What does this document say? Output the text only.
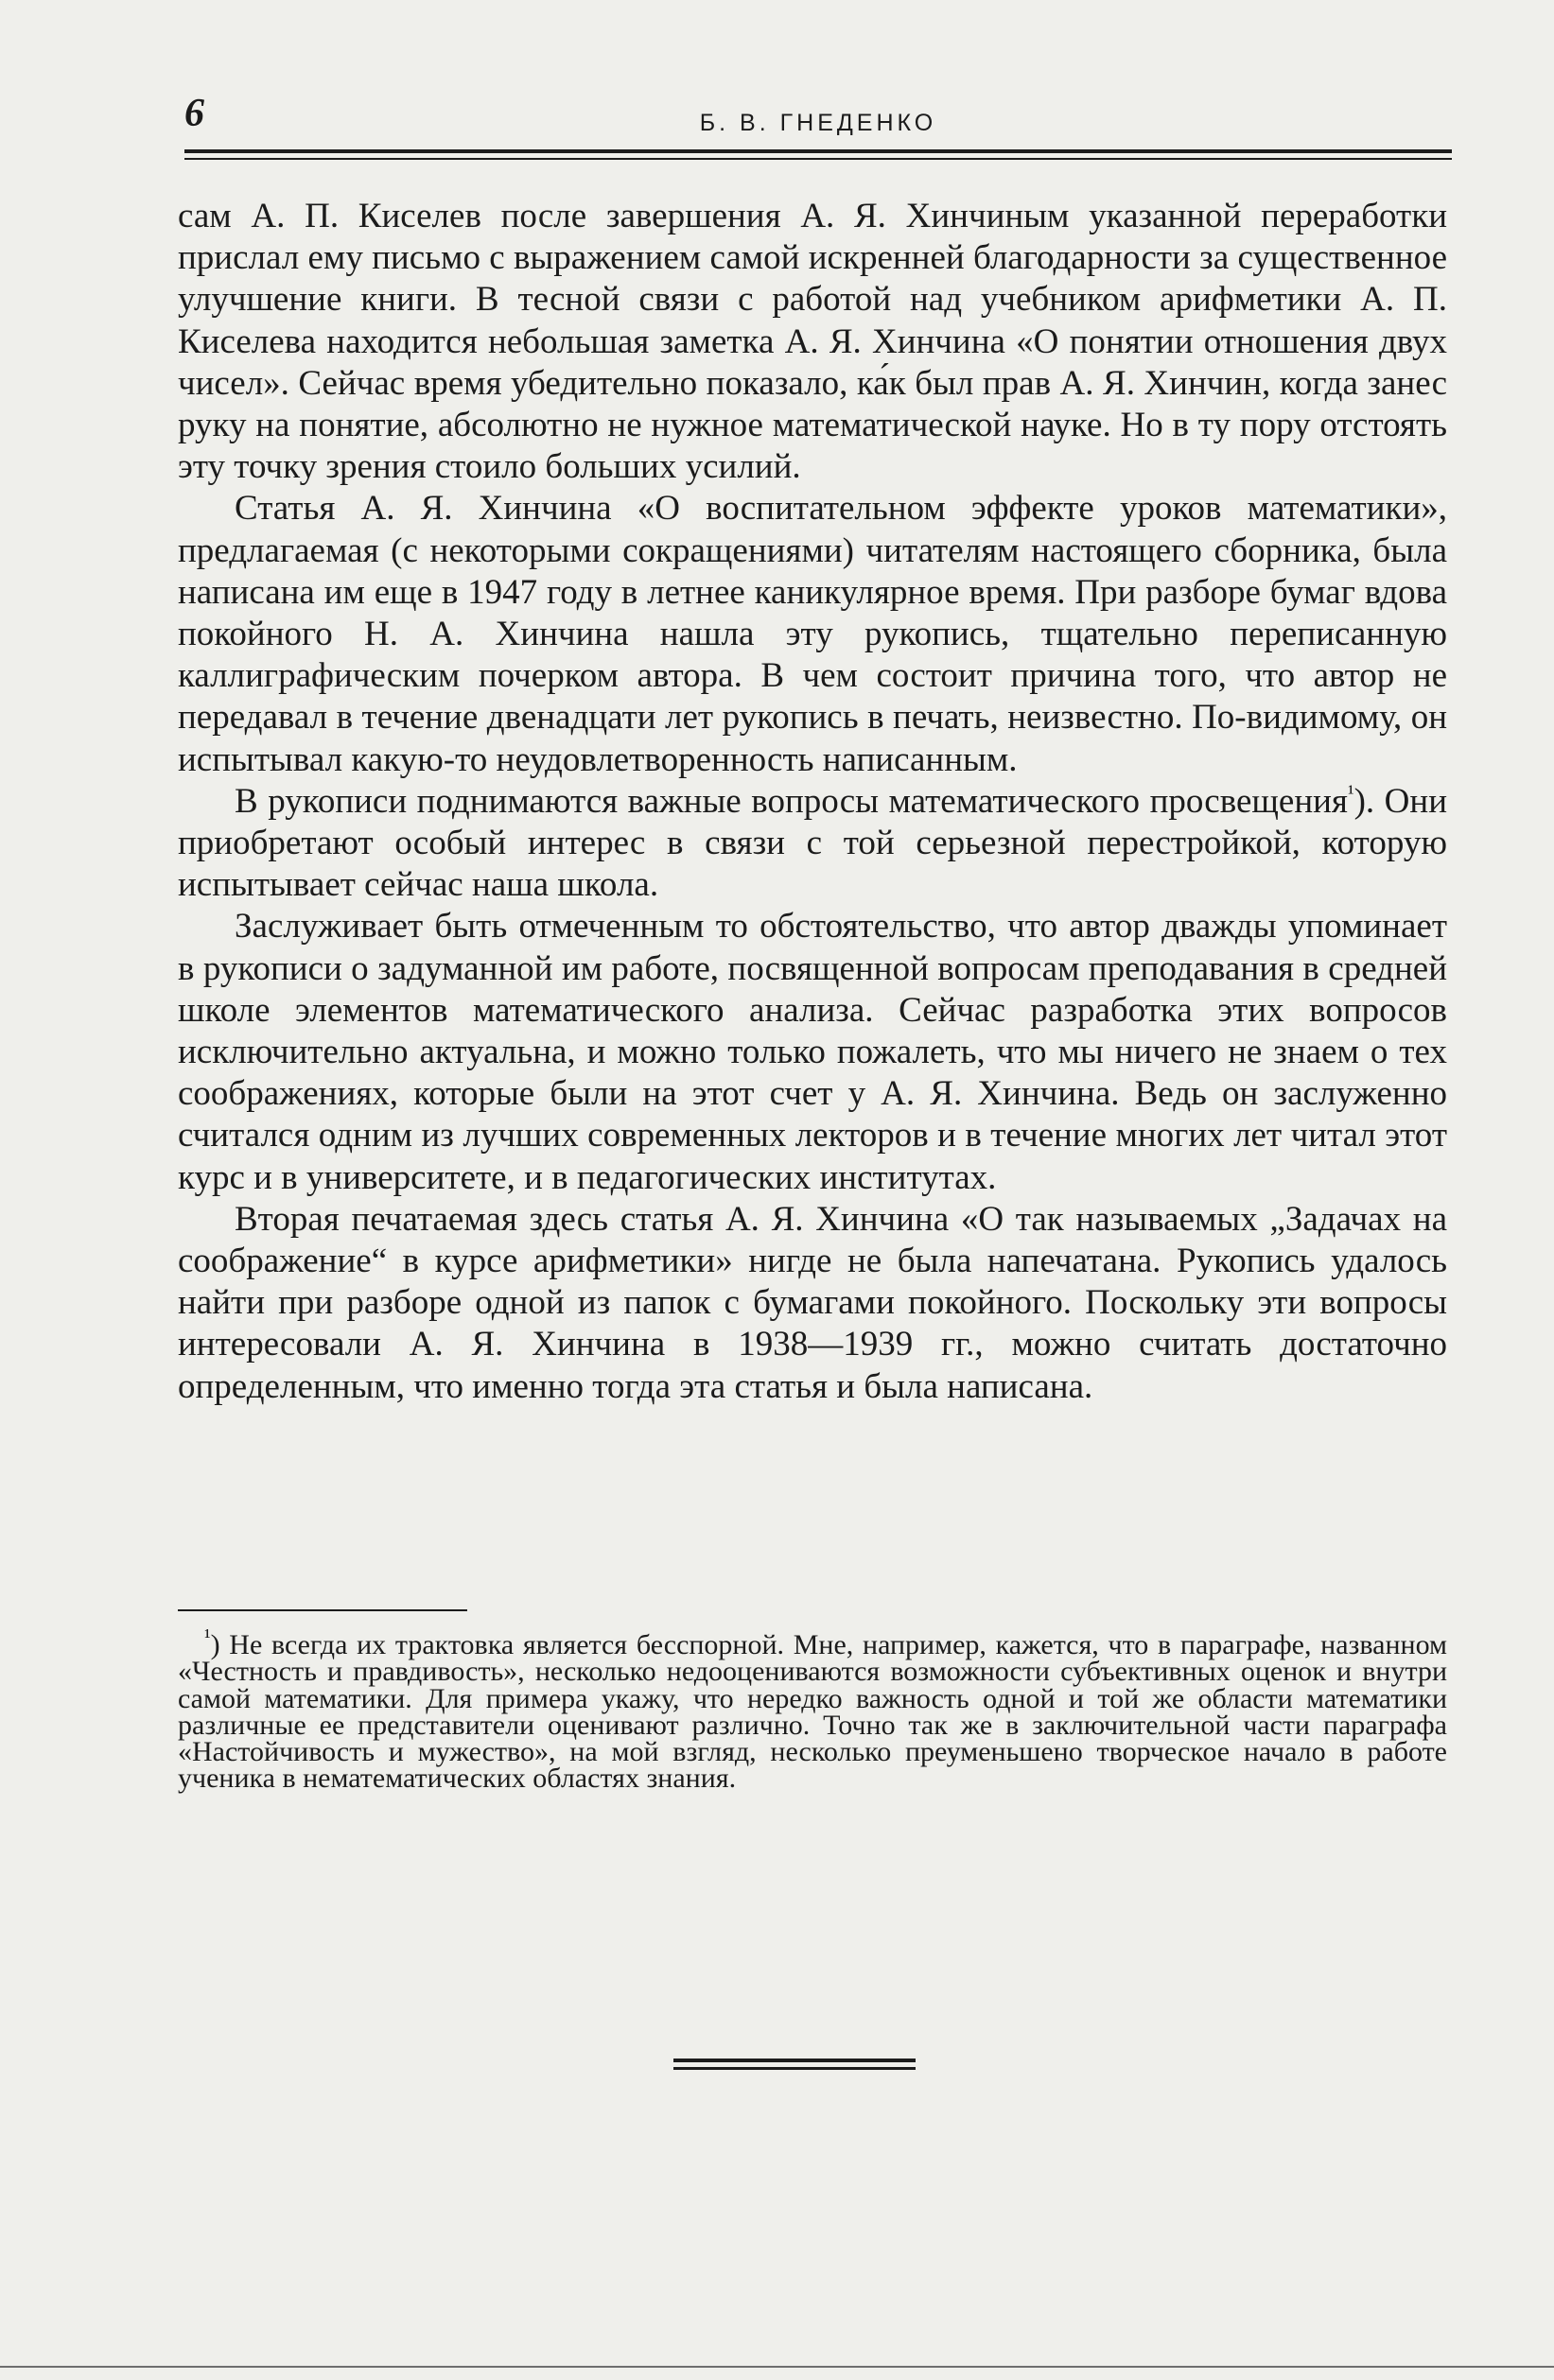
6	Б. В. ГНЕДЕНКО

сам А. П. Киселев после завершения А. Я. Хинчиным указанной переработки прислал ему письмо с выражением самой искренней благодарности за существенное улучшение книги. В тесной связи с работой над учебником арифметики А. П. Киселева находится небольшая заметка А. Я. Хинчина «О понятии отношения двух чисел». Сейчас время убедительно показало, ка́к был прав А. Я. Хинчин, когда занес руку на понятие, абсолютно не нужное математической науке. Но в ту пору отстоять эту точку зрения стоило больших усилий.

Статья А. Я. Хинчина «О воспитательном эффекте уроков математики», предлагаемая (с некоторыми сокращениями) читателям настоящего сборника, была написана им еще в 1947 году в летнее каникулярное время. При разборе бумаг вдова покойного Н. А. Хинчина нашла эту рукопись, тщательно переписанную каллиграфическим почерком автора. В чем состоит причина того, что автор не передавал в течение двенадцати лет рукопись в печать, неизвестно. По-видимому, он испытывал какую-то неудовлетворенность написанным.

В рукописи поднимаются важные вопросы математического просвещения$^{^1}$). Они приобретают особый интерес в связи с той серьезной перестройкой, которую испытывает сейчас наша школа.

Заслуживает быть отмеченным то обстоятельство, что автор дважды упоминает в рукописи о задуманной им работе, посвященной вопросам преподавания в средней школе элементов математического анализа. Сейчас разработка этих вопросов исключительно актуальна, и можно только пожалеть, что мы ничего не знаем о тех соображениях, которые были на этот счет у А. Я. Хинчина. Ведь он заслуженно считался одним из лучших современных лекторов и в течение многих лет читал этот курс и в университете, и в педагогических институтах.

Вторая печатаемая здесь статья А. Я. Хинчина «О так называемых „Задачах на соображение“ в курсе арифметики» нигде не была напечатана. Рукопись удалось найти при разборе одной из папок с бумагами покойного. Поскольку эти вопросы интересовали А. Я. Хинчина в 1938—1939 гг., можно считать достаточно определенным, что именно тогда эта статья и была написана.

$^{^1}$) Не всегда их трактовка является бесспорной. Мне, например, кажется, что в параграфе, названном «Честность и правдивость», несколько недооцениваются возможности субъективных оценок и внутри самой математики. Для примера укажу, что нередко важность одной и той же области математики различные ее представители оценивают различно. Точно так же в заключительной части параграфа «Настойчивость и мужество», на мой взгляд, несколько преуменьшено творческое начало в работе ученика в нематематических областях знания.
